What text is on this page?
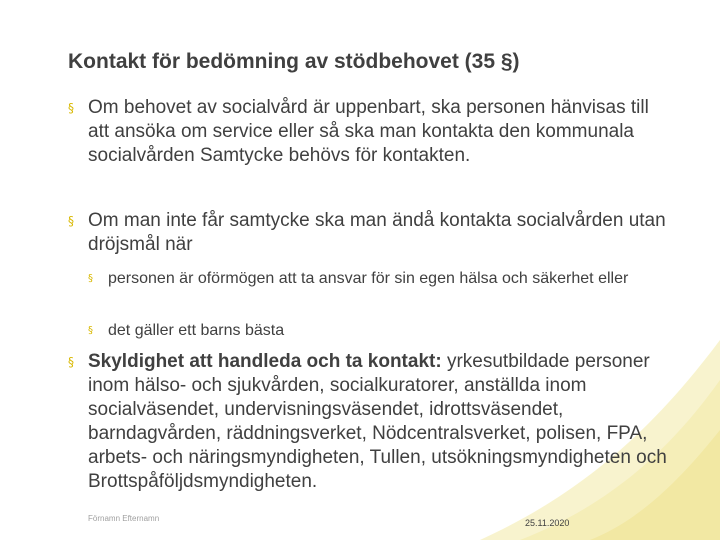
Kontakt för bedömning av stödbehovet (35 §)
§ Om behovet av socialvård är uppenbart, ska personen hänvisas till att ansöka om service eller så ska man kontakta den kommunala socialvården Samtycke behövs för kontakten.
§ Om man inte får samtycke ska man ändå kontakta socialvården utan dröjsmål när
§ personen är oförmögen att ta ansvar för sin egen hälsa och säkerhet eller
§ det gäller ett barns bästa
§ Skyldighet att handleda och ta kontakt: yrkesutbildade personer inom hälso- och sjukvården, socialkuratorer, anställda inom socialväsendet, undervisningsväsendet, idrottsväsendet, barndagvården, räddningsverket, Nödcentralsverket, polisen, FPA, arbets- och näringsmyndigheten, Tullen, utsökningsmyndigheten och Brottspåföljdsmyndigheten.
Förnamn Efternamn	25.11.2020
